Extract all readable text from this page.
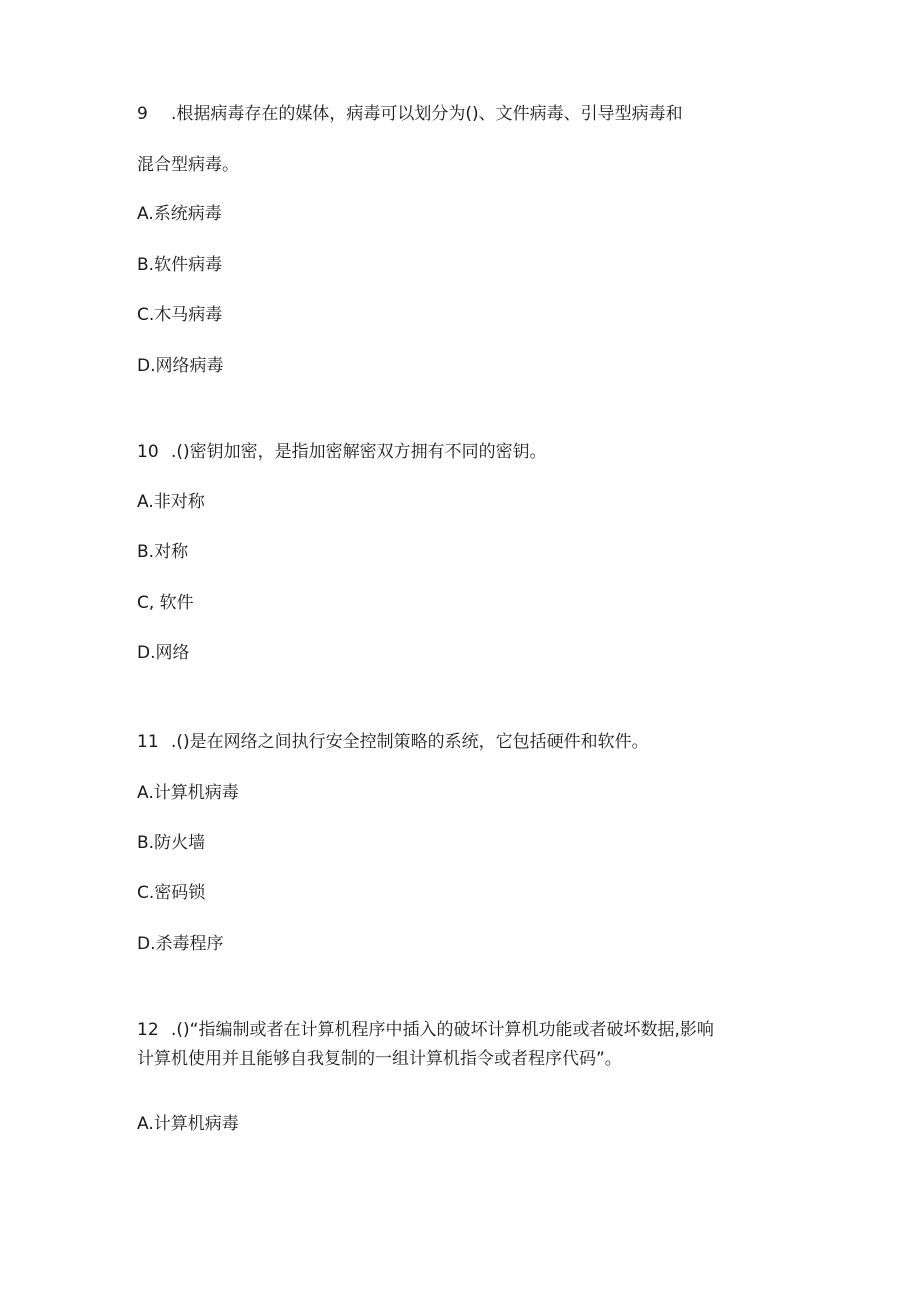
9 .根据病毒存在的媒体，病毒可以划分为()、文件病毒、引导型病毒和
混合型病毒。
A.系统病毒
B.软件病毒
C.木马病毒
D.网络病毒
10 .()密钥加密，是指加密解密双方拥有不同的密钥。
A.非对称
B.对称
C, 软件
D.网络
11 .()是在网络之间执行安全控制策略的系统，它包括硬件和软件。
A.计算机病毒
B.防火墙
C.密码锁
D.杀毒程序
12 .()“指编制或者在计算机程序中插入的破坏计算机功能或者破坏数据,影响
计算机使用并且能够自我复制的一组计算机指令或者程序代码”。
A.计算机病毒
